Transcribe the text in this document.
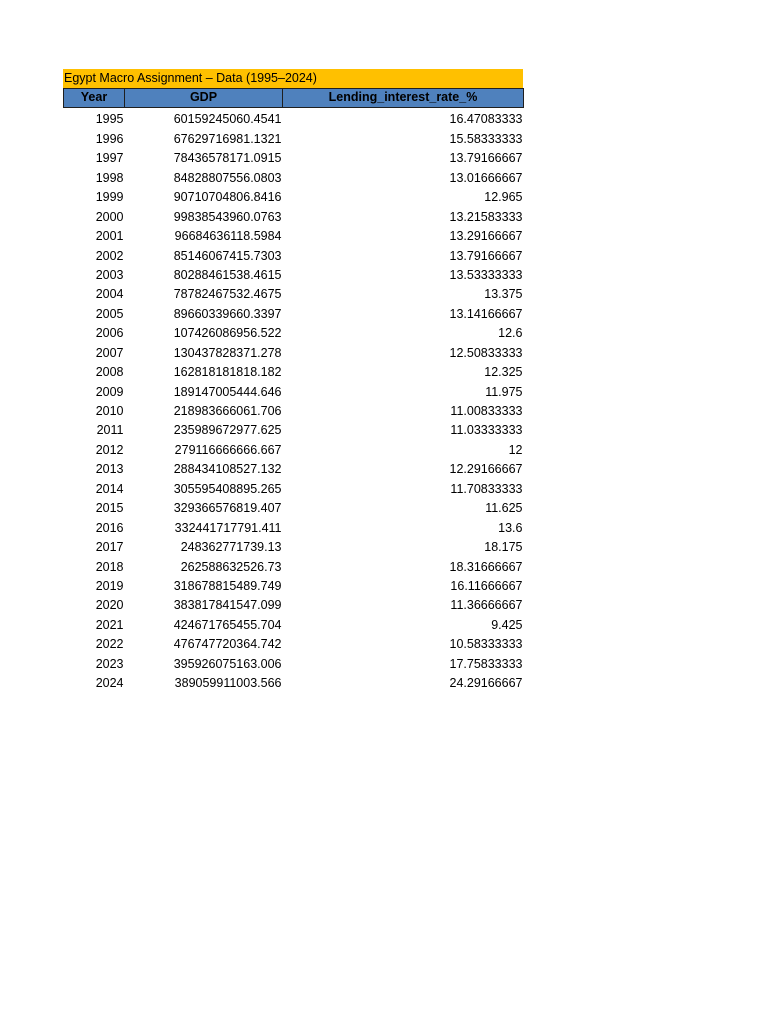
Egypt Macro Assignment – Data (1995–2024)
Year	GDP	Lending_interest_rate_%
1995	60159245060.4541	16.47083333
1996	67629716981.1321	15.58333333
1997	78436578171.0915	13.79166667
1998	84828807556.0803	13.01666667
1999	90710704806.8416	12.965
2000	99838543960.0763	13.21583333
2001	96684636118.5984	13.29166667
2002	85146067415.7303	13.79166667
2003	80288461538.4615	13.53333333
2004	78782467532.4675	13.375
2005	89660339660.3397	13.14166667
2006	107426086956.522	12.6
2007	130437828371.278	12.50833333
2008	162818181818.182	12.325
2009	189147005444.646	11.975
2010	218983666061.706	11.00833333
2011	235989672977.625	11.03333333
2012	279116666666.667	12
2013	288434108527.132	12.29166667
2014	305595408895.265	11.70833333
2015	329366576819.407	11.625
2016	332441717791.411	13.6
2017	248362771739.13	18.175
2018	262588632526.73	18.31666667
2019	318678815489.749	16.11666667
2020	383817841547.099	11.36666667
2021	424671765455.704	9.425
2022	476747720364.742	10.58333333
2023	395926075163.006	17.75833333
2024	389059911003.566	24.29166667
